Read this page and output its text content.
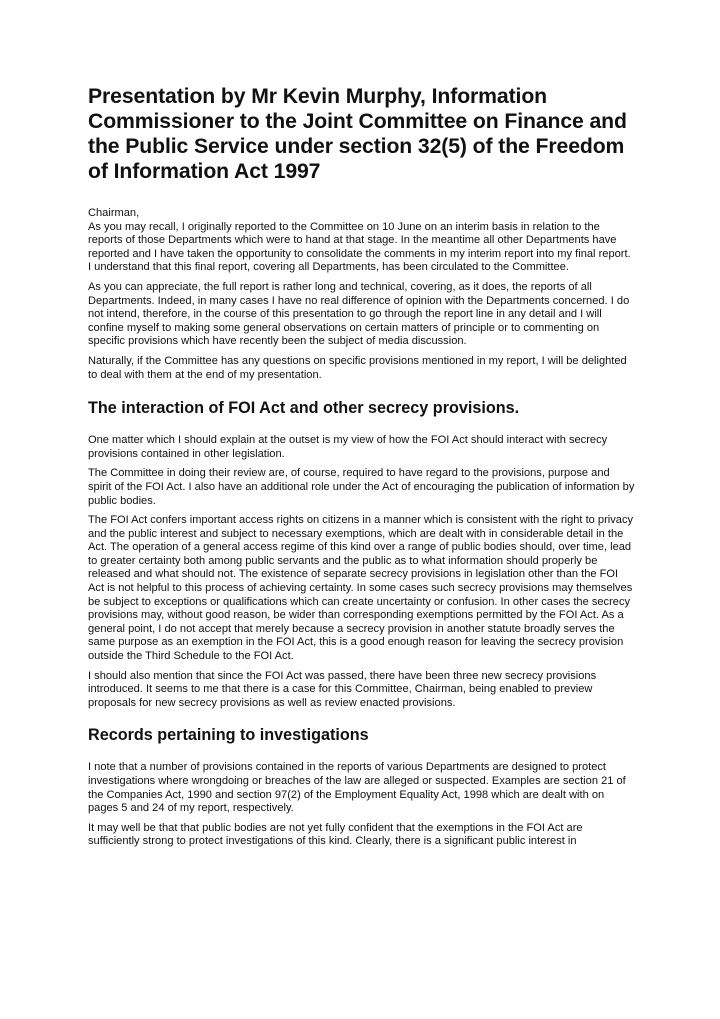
Presentation by Mr Kevin Murphy, Information Commissioner to the Joint Committee on Finance and the Public Service under section 32(5) of the Freedom of Information Act 1997

Chairman,
As you may recall, I originally reported to the Committee on 10 June on an interim basis in relation to the reports of those Departments which were to hand at that stage. In the meantime all other Departments have reported and I have taken the opportunity to consolidate the comments in my interim report into my final report. I understand that this final report, covering all Departments, has been circulated to the Committee.

As you can appreciate, the full report is rather long and technical, covering, as it does, the reports of all Departments. Indeed, in many cases I have no real difference of opinion with the Departments concerned. I do not intend, therefore, in the course of this presentation to go through the report line in any detail and I will confine myself to making some general observations on certain matters of principle or to commenting on specific provisions which have recently been the subject of media discussion.

Naturally, if the Committee has any questions on specific provisions mentioned in my report, I will be delighted to deal with them at the end of my presentation.

The interaction of FOI Act and other secrecy provisions.

One matter which I should explain at the outset is my view of how the FOI Act should interact with secrecy provisions contained in other legislation.

The Committee in doing their review are, of course, required to have regard to the provisions, purpose and spirit of the FOI Act. I also have an additional role under the Act of encouraging the publication of information by public bodies.

The FOI Act confers important access rights on citizens in a manner which is consistent with the right to privacy and the public interest and subject to necessary exemptions, which are dealt with in considerable detail in the Act. The operation of a general access regime of this kind over a range of public bodies should, over time, lead to greater certainty both among public servants and the public as to what information should properly be released and what should not. The existence of separate secrecy provisions in legislation other than the FOI Act is not helpful to this process of achieving certainty. In some cases such secrecy provisions may themselves be subject to exceptions or qualifications which can create uncertainty or confusion. In other cases the secrecy provisions may, without good reason, be wider than corresponding exemptions permitted by the FOI Act. As a general point, I do not accept that merely because a secrecy provision in another statute broadly serves the same purpose as an exemption in the FOI Act, this is a good enough reason for leaving the secrecy provision outside the Third Schedule to the FOI Act.

I should also mention that since the FOI Act was passed, there have been three new secrecy provisions introduced. It seems to me that there is a case for this Committee, Chairman, being enabled to preview proposals for new secrecy provisions as well as review enacted provisions.

Records pertaining to investigations

I note that a number of provisions contained in the reports of various Departments are designed to protect investigations where wrongdoing or breaches of the law are alleged or suspected. Examples are section 21 of the Companies Act, 1990 and section 97(2) of the Employment Equality Act, 1998 which are dealt with on pages 5 and 24 of my report, respectively.

It may well be that that public bodies are not yet fully confident that the exemptions in the FOI Act are sufficiently strong to protect investigations of this kind. Clearly, there is a significant public interest in
